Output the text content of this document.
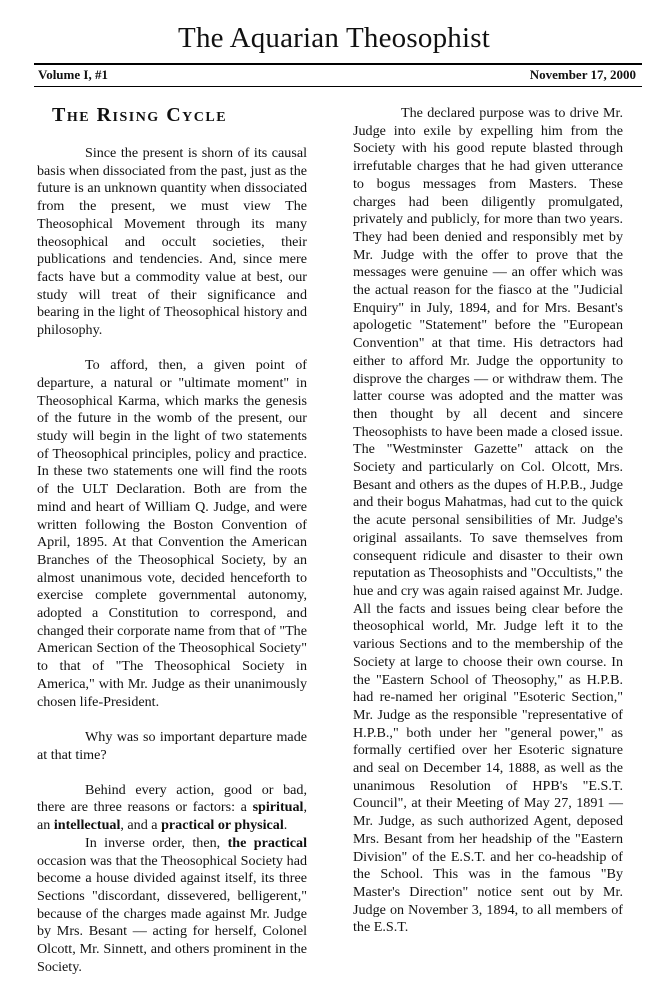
The Aquarian Theosophist
Volume I, #1	November 17, 2000
The Rising Cycle

Since the present is shorn of its causal basis when dissociated from the past, just as the future is an unknown quantity when dissociated from the present, we must view The Theosophical Movement through its many theosophical and occult societies, their publications and tendencies. And, since mere facts have but a commodity value at best, our study will treat of their significance and bearing in the light of Theosophical history and philosophy.

To afford, then, a given point of departure, a natural or "ultimate moment" in Theosophical Karma, which marks the genesis of the future in the womb of the present, our study will begin in the light of two statements of Theosophical principles, policy and practice. In these two statements one will find the roots of the ULT Declaration. Both are from the mind and heart of William Q. Judge, and were written following the Boston Convention of April, 1895. At that Convention the American Branches of the Theosophical Society, by an almost unanimous vote, decided henceforth to exercise complete governmental autonomy, adopted a Constitution to correspond, and changed their corporate name from that of "The American Section of the Theosophical Society" to that of "The Theosophical Society in America," with Mr. Judge as their unanimously chosen life-President.

Why was so important departure made at that time?

Behind every action, good or bad, there are three reasons or factors: a spiritual, an intellectual, and a practical or physical.

In inverse order, then, the practical occasion was that the Theosophical Society had become a house divided against itself, its three Sections "discordant, dissevered, belligerent," because of the charges made against Mr. Judge by Mrs. Besant — acting for herself, Colonel Olcott, Mr. Sinnett, and others prominent in the Society.

The declared purpose was to drive Mr. Judge into exile by expelling him from the Society with his good repute blasted through irrefutable charges that he had given utterance to bogus messages from Masters. These charges had been diligently promulgated, privately and publicly, for more than two years. They had been denied and responsibly met by Mr. Judge with the offer to prove that the messages were genuine — an offer which was the actual reason for the fiasco at the "Judicial Enquiry" in July, 1894, and for Mrs. Besant's apologetic "Statement" before the "European Convention" at that time. His detractors had either to afford Mr. Judge the opportunity to disprove the charges — or withdraw them. The latter course was adopted and the matter was then thought by all decent and sincere Theosophists to have been made a closed issue. The "Westminster Gazette" attack on the Society and particularly on Col. Olcott, Mrs. Besant and others as the dupes of H.P.B., Judge and their bogus Mahatmas, had cut to the quick the acute personal sensibilities of Mr. Judge's original assailants. To save themselves from consequent ridicule and disaster to their own reputation as Theosophists and "Occultists," the hue and cry was again raised against Mr. Judge. All the facts and issues being clear before the theosophical world, Mr. Judge left it to the various Sections and to the membership of the Society at large to choose their own course. In the "Eastern School of Theosophy," as H.P.B. had re-named her original "Esoteric Section," Mr. Judge as the responsible "representative of H.P.B.," both under her "general power," as formally certified over her Esoteric signature and seal on December 14, 1888, as well as the unanimous Resolution of HPB's "E.S.T. Council", at their Meeting of May 27, 1891 — Mr. Judge, as such authorized Agent, deposed Mrs. Besant from her headship of the "Eastern Division" of the E.S.T. and her co-headship of the School. This was in the famous "By Master's Direction" notice sent out by Mr. Judge on November 3, 1894, to all members of the E.S.T.
